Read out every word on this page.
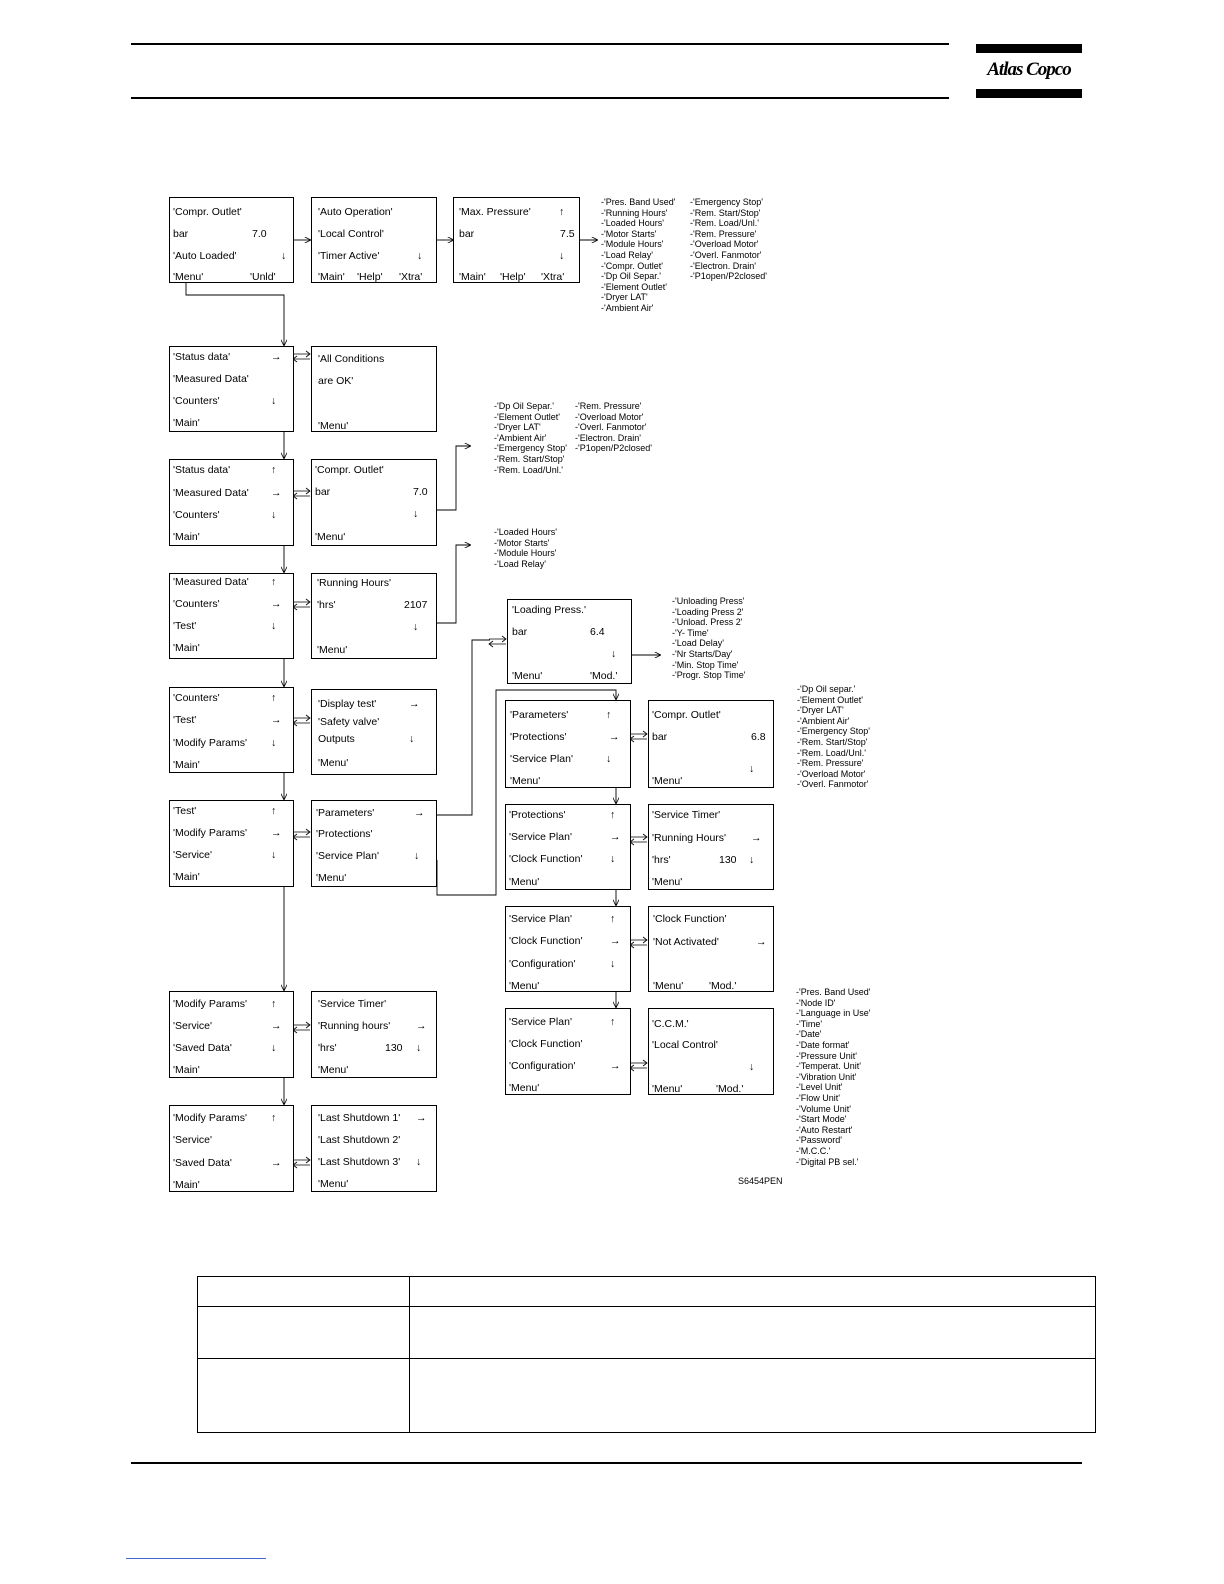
Atlas Copco
'Compr. Outlet'
bar	7.0
'Auto Loaded'	↓
'Menu'	'Unld'
'Auto Operation'
'Local Control'
'Timer Active'	↓
'Main' 'Help' 'Xtra'
'Max. Pressure'	↑
bar	7.5
↓
'Main' 'Help' 'Xtra'
-'Pres. Band Used'
-'Running Hours'
-'Loaded Hours'
-'Motor Starts'
-'Module Hours'
-'Load Relay'
-'Compr. Outlet'
-'Dp Oil Separ.'
-'Element Outlet'
-'Dryer LAT'
-'Ambient Air'
-'Emergency Stop'
-'Rem. Start/Stop'
-'Rem. Load/Unl.'
-'Rem. Pressure'
-'Overload Motor'
-'Overl. Fanmotor'
-'Electron. Drain'
-'P1open/P2closed'
'Status data'	→
'Measured Data'
'Counters'	↓
'Main'
'All Conditions
are OK'
'Menu'
'Status data'	↑
'Measured Data' →
'Counters'	↓
'Main'
'Compr. Outlet'
bar	7.0
↓
'Menu'
-'Dp Oil Separ.'
-'Element Outlet'
-'Dryer LAT'
-'Ambient Air'
-'Emergency Stop'
-'Rem. Start/Stop'
-'Rem. Load/Unl.'
-'Rem. Pressure'
-'Overload Motor'
-'Overl. Fanmotor'
-'Electron. Drain'
-'P1open/P2closed'
'Measured Data' ↑
'Counters'	→
'Test'	↓
'Main'
'Running Hours'
'hrs'	2107
↓
'Menu'
-'Loaded Hours'
-'Motor Starts'
-'Module Hours'
-'Load Relay'
'Counters'	↑
'Test'	→
'Modify Params' ↓
'Main'
'Display test'	→
'Safety valve'
Outputs	↓
'Menu'
'Test'	↑
'Modify Params' →
'Service'	↓
'Main'
'Parameters'	→
'Protections'
'Service Plan'	↓
'Menu'
'Modify Params' ↑
'Service'	→
'Saved Data'	↓
'Main'
'Service Timer'
'Running hours' →
'hrs'	130 ↓
'Menu'
'Modify Params' ↑
'Service'
'Saved Data'	→
'Main'
'Last Shutdown 1' →
'Last Shutdown 2'
'Last Shutdown 3' ↓
'Menu'
'Loading Press.'
bar	6.4
↓
'Menu'	'Mod.'
-'Unloading Press'
-'Loading Press 2'
-'Unload. Press 2'
-'Y- Time'
-'Load Delay'
-'Nr Starts/Day'
-'Min. Stop Time'
-'Progr. Stop Time'
'Parameters'	↑
'Protections'	→
'Service Plan'	↓
'Menu'
'Compr. Outlet'
bar	6.8
↓
'Menu'
-'Dp Oil separ.'
-'Element Outlet'
-'Dryer LAT'
-'Ambient Air'
-'Emergency Stop'
-'Rem. Start/Stop'
-'Rem. Load/Unl.'
-'Rem. Pressure'
-'Overload Motor'
-'Overl. Fanmotor'
'Protections'	↑
'Service Plan'	→
'Clock Function'	↓
'Menu'
'Service Timer'
'Running Hours' →
'hrs'	130 ↓
'Menu'
'Service Plan'	↑
'Clock Function'	→
'Configuration'	↓
'Menu'
'Clock Function'
'Not Activated'	→
'Menu' 'Mod.'
'Service Plan'	↑
'Clock Function'
'Configuration'	→
'Menu'
'C.C.M.'
'Local Control'
↓
'Menu'	'Mod.'
-'Pres. Band Used'
-'Node ID'
-'Language in Use'
-'Time'
-'Date'
-'Date format'
-'Pressure Unit'
-'Temperat. Unit'
-'Vibration Unit'
-'Level Unit'
-'Flow Unit'
-'Volume Unit'
-'Start Mode'
-'Auto Restart'
-'Password'
-'M.C.C.'
-'Digital PB sel.'
S6454PEN
